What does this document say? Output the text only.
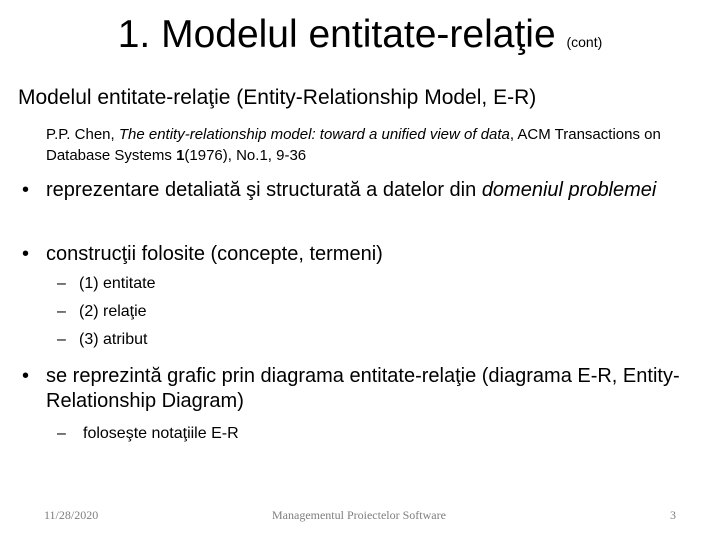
1. Modelul entitate-relaţie (cont)
Modelul entitate-relaţie (Entity-Relationship Model, E-R)
P.P. Chen, The entity-relationship model: toward a unified view of data, ACM Transactions on Database Systems 1(1976), No.1, 9-36
• reprezentare detaliată şi structurată a datelor din domeniul problemei
• construcţii folosite (concepte, termeni)
– (1) entitate
– (2) relaţie
– (3) atribut
• se reprezintă grafic prin diagrama entitate-relaţie (diagrama E-R, Entity-Relationship Diagram)
– foloseşte notaţiile E-R
11/28/2020	Managementul Proiectelor Software	3
